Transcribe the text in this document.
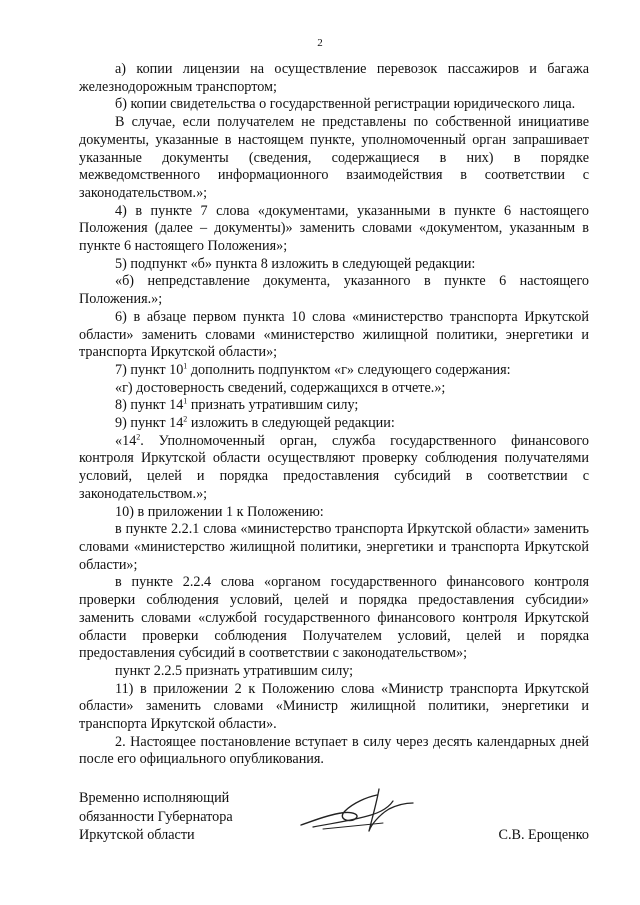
2

а) копии лицензии на осуществление перевозок пассажиров и багажа железнодорожным транспортом;

б) копии свидетельства о государственной регистрации юридического лица.

В случае, если получателем не представлены по собственной инициативе документы, указанные в настоящем пункте, уполномоченный орган запрашивает указанные документы (сведения, содержащиеся в них) в порядке межведомственного информационного взаимодействия в соответствии с законодательством.»;

4) в пункте 7 слова «документами, указанными в пункте 6 настоящего Положения (далее – документы)» заменить словами «документом, указанным в пункте 6 настоящего Положения»;

5) подпункт «б» пункта 8 изложить в следующей редакции:

«б) непредставление документа, указанного в пункте 6 настоящего Положения.»;

6) в абзаце первом пункта 10 слова «министерство транспорта Иркутской области» заменить словами «министерство жилищной политики, энергетики и транспорта Иркутской области»;

7) пункт $10^1$ дополнить подпунктом «г» следующего содержания:

«г) достоверность сведений, содержащихся в отчете.»;

8) пункт $14^1$ признать утратившим силу;

9) пункт $14^2$ изложить в следующей редакции:

«$14^2$. Уполномоченный орган, служба государственного финансового контроля Иркутской области осуществляют проверку соблюдения получателями условий, целей и порядка предоставления субсидий в соответствии с законодательством.»;

10) в приложении 1 к Положению:

в пункте 2.2.1 слова «министерство транспорта Иркутской области» заменить словами «министерство жилищной политики, энергетики и транспорта Иркутской области»;

в пункте 2.2.4 слова «органом государственного финансового контроля проверки соблюдения условий, целей и порядка предоставления субсидии» заменить словами «службой государственного финансового контроля Иркутской области проверки соблюдения Получателем условий, целей и порядка предоставления субсидий в соответствии с законодательством»;

пункт 2.2.5 признать утратившим силу;

11) в приложении 2 к Положению слова «Министр транспорта Иркутской области» заменить словами «Министр жилищной политики, энергетики и транспорта Иркутской области».

2. Настоящее постановление вступает в силу через десять календарных дней после его официального опубликования.

Временно исполняющий
обязанности Губернатора
Иркутской области	С.В. Ерощенко
